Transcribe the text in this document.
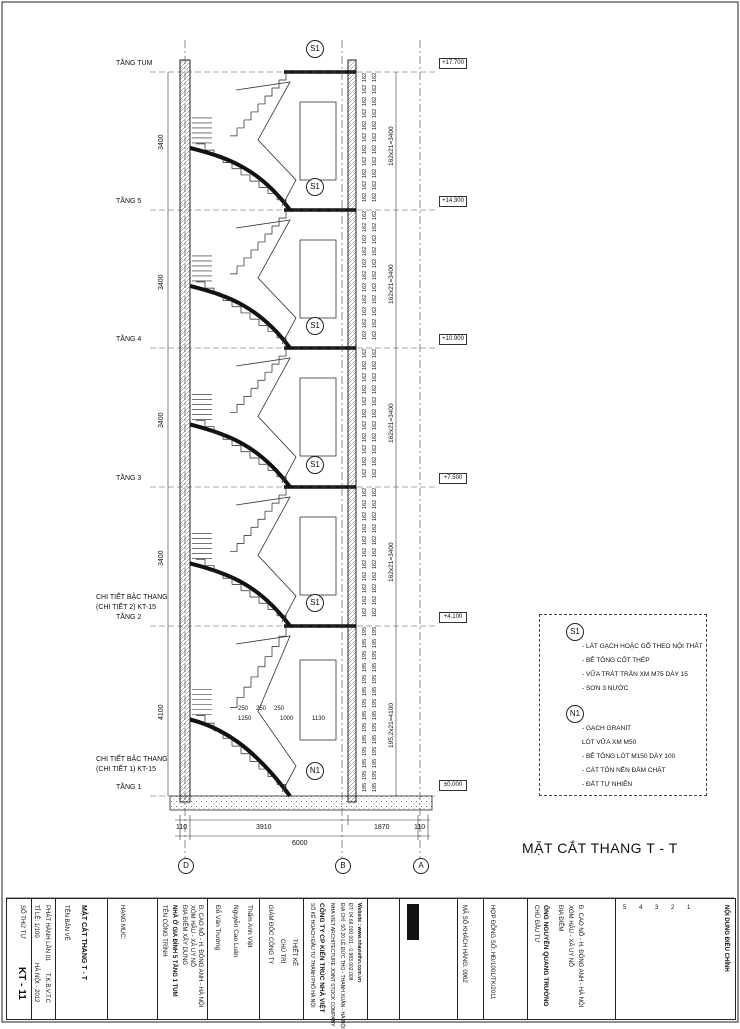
TẦNG TUM
TẦNG 5
TẦNG 4
TẦNG 3
TẦNG 2
TẦNG 1
CHI TIẾT BẬC THANG
(CHI TIẾT 2) KT-15
CHI TIẾT BẬC THANG
(CHI TIẾT 1) KT-15
+17.700
+14.300
+10.900
+7.500
+4.100
±0.000
3400
3400
3400
3400
4100
162x21=3400
162x21=3400
162x21=3400
162x21=3400
195,2x21=4100
162
162
162
162
162
162
162
162
162
162
162
162
162
162
162
162
162
162
162
162
162
162
162
162
162
162
162
162
162
162
162
162
162
162
162
162
162
162
162
162
162
162
162
162
162
162
162
162
162
162
162
162
162
162
162
162
162
162
162
162
162
162
162
162
162
162
162
162
162
162
162
162
162
162
162
162
162
162
162
162
162
162
162
162
162
162
162
162
195
195
195
195
195
195
195
195
195
195
195
195
195
195
195
195
195
195
195
195
195
195
195
195
195
195
195
195
S1
S1
S1
S1
S1
N1
110	3910	1870	110
6000
250 250 250
1250	1000	1130
D	B	A
S1
- LÁT GẠCH HOẶC GỖ THEO NỘI THẤT
- BÊ TÔNG CỐT THÉP
- VỮA TRÁT TRẦN XM M75 DÀY 15
- SƠN 3 NƯỚC
N1
- GẠCH GRANIT
LÓT VỮA XM M50
- BÊ TÔNG LÓT M150 DÀY 100
- CÁT TÔN NỀN ĐẦM CHẶT
- ĐẤT TỰ NHIÊN
MẶT CẮT THANG T - T
SỐ THỨ TỰ
KT - 11
TỈ LỆ: 1/100
HÀ NỘI - 2012
PHÁT HÀNH LẦN 01
T.K.B.V.T.C
TÊN BẢN VẼ MẶT CẮT THANG T - T	HẠNG MỤC:	TÊN CÔNG TRÌNH NHÀ Ở GIA ĐÌNH 5 TẦNG 1 TUM ĐỊA ĐIỂM XÂY DỰNG XÓM HẬU - XÃ UY NỖ Đ. CAO NỖ - H. ĐÔNG ANH - HÀ NỘI Đỗ Văn Trường Nguyễn Cao Luân Thẩm Anh Việt GIÁM ĐỐC CÔNG TY CHỦ TRÌ THIẾT KẾ SỐ KẾ HOẠCH ĐẦU TƯ THÀNH PHỐ HÀ NỘI CÔNG TY CP KIẾN TRÚC NHÀ VIỆT NHA VIET ARCHITECTURE JOINT STOCK COMPANY ĐỊA CHỈ: SỐ 20 LÊ ĐỨC THỌ - THANH XUÂN - HÀ NỘI ĐT: 04.66 000 001 - 0.983.002.008 Website : www.nhaviethn.com.vn	NHAVIET	MÃ SỐ KHÁCH HÀNG: 0962	HỢP ĐỒNG SỐ: HĐ/1001/TK/2011	CHỦ ĐẦU TƯ ÔNG NGUYỄN QUANG TRƯỜNG ĐỊA ĐIỂM XÓM HẬU - XÃ UY NỖ Đ. CAO NỖ - H. ĐÔNG ANH - HÀ NỘI	5 4 3 2 1	NỘI DUNG ĐIỀU CHỈNH
